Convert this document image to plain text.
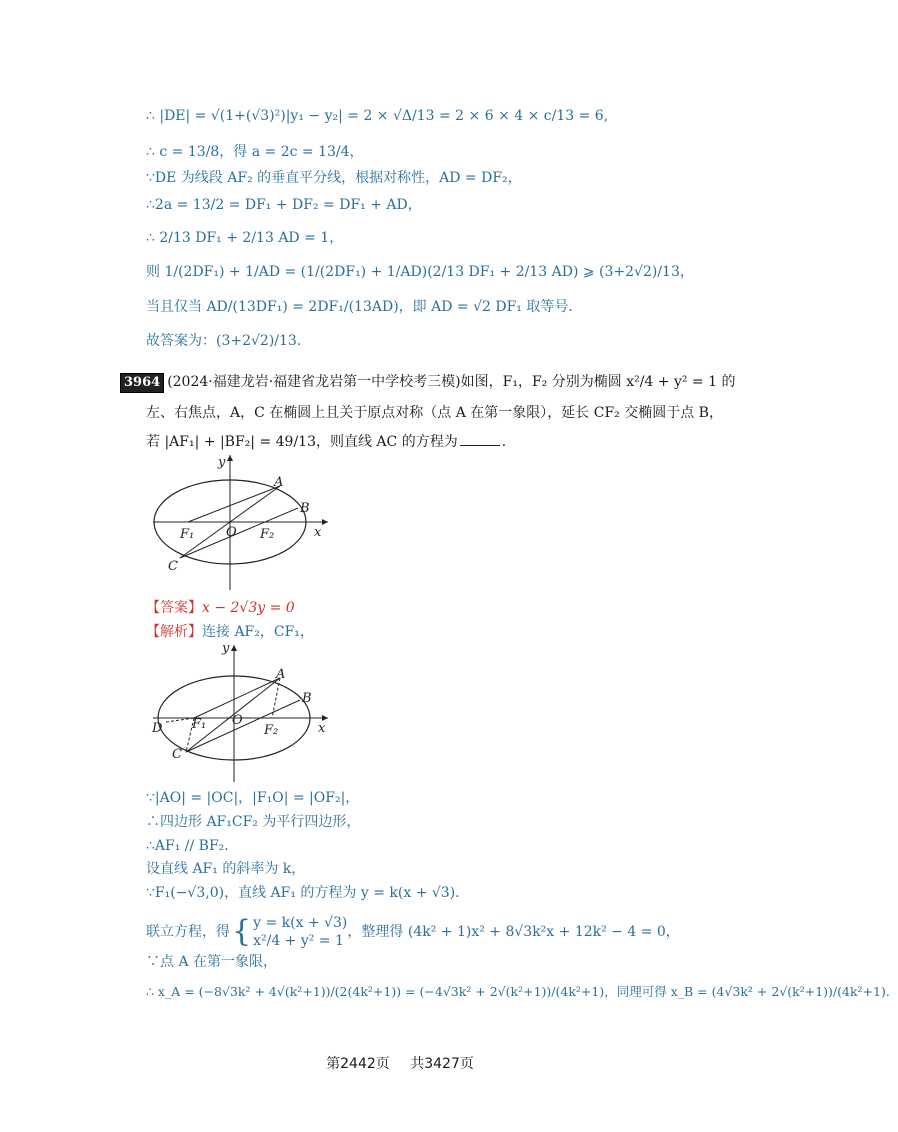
∴ |DE| = √(1+(√3)²)|y₁ − y₂| = 2 × √Δ/13 = 2 × 6 × 4 × c/13 = 6,
∴ c = 13/8，得 a = 2c = 13/4，
∵DE 为线段 AF₂ 的垂直平分线，根据对称性，AD = DF₂，
∴2a = 13/2 = DF₁ + DF₂ = DF₁ + AD，
∴ 2/13 DF₁ + 2/13 AD = 1，
则 1/(2DF₁) + 1/AD = (1/(2DF₁) + 1/AD)(2/13 DF₁ + 2/13 AD) ⩾ (3+2√2)/13，
当且仅当 AD/(13DF₁) = 2DF₁/(13AD)，即 AD = √2 DF₁ 取等号．
故答案为：(3+2√2)/13．
3964 (2024·福建龙岩·福建省龙岩第一中学校考三模)如图，F₁，F₂ 分别为椭圆 x²/4 + y² = 1 的
左、右焦点，A，C 在椭圆上且关于原点对称（点 A 在第一象限），延长 CF₂ 交椭圆于点 B，
若 |AF₁| + |BF₂| = 49/13，则直线 AC 的方程为	．
y
x
A
B
C
O
F₁	F₂
【答案】x − 2√3y = 0
【解析】连接 AF₂，CF₁，
y
x
A
B
C
D
O
F₁	F₂
∵|AO| = |OC|，|F₁O| = |OF₂|，
∴四边形 AF₁CF₂ 为平行四边形，
∴AF₁ // BF₂．
设直线 AF₁ 的斜率为 k，
∵F₁(−√3,0)，直线 AF₁ 的方程为 y = k(x + √3)．
联立方程，得 { y = k(x + √3)
x²/4 + y² = 1
，整理得 (4k² + 1)x² + 8√3k²x + 12k² − 4 = 0，
∵点 A 在第一象限，
∴ x_A = (−8√3k² + 4√(k²+1))/(2(4k²+1)) = (−4√3k² + 2√(k²+1))/(4k²+1)，同理可得 x_B = (4√3k² + 2√(k²+1))/(4k²+1)．
第2442页 共3427页
